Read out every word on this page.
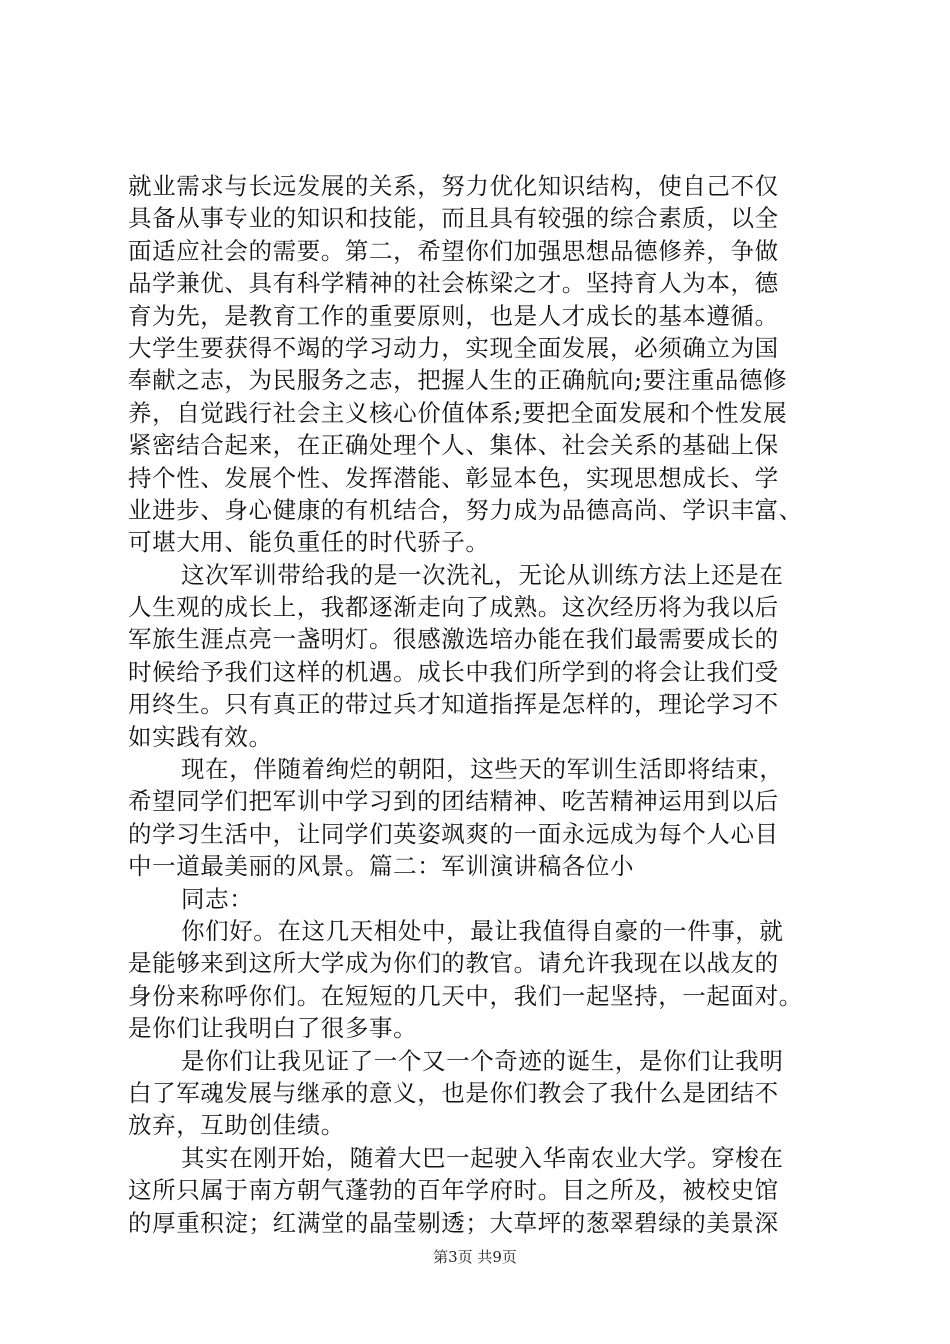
就业需求与长远发展的关系，努力优化知识结构，使自己不仅
具备从事专业的知识和技能，而且具有较强的综合素质，以全
面适应社会的需要。第二，希望你们加强思想品德修养，争做
品学兼优、具有科学精神的社会栋梁之才。坚持育人为本，德
育为先，是教育工作的重要原则，也是人才成长的基本遵循。
大学生要获得不竭的学习动力，实现全面发展，必须确立为国
奉献之志，为民服务之志，把握人生的正确航向;要注重品德修
养，自觉践行社会主义核心价值体系;要把全面发展和个性发展
紧密结合起来，在正确处理个人、集体、社会关系的基础上保
持个性、发展个性、发挥潜能、彰显本色，实现思想成长、学
业进步、身心健康的有机结合，努力成为品德高尚、学识丰富、
可堪大用、能负重任的时代骄子。
这次军训带给我的是一次洗礼，无论从训练方法上还是在
人生观的成长上，我都逐渐走向了成熟。这次经历将为我以后
军旅生涯点亮一盏明灯。很感激选培办能在我们最需要成长的
时候给予我们这样的机遇。成长中我们所学到的将会让我们受
用终生。只有真正的带过兵才知道指挥是怎样的，理论学习不
如实践有效。
现在，伴随着绚烂的朝阳，这些天的军训生活即将结束，
希望同学们把军训中学习到的团结精神、吃苦精神运用到以后
的学习生活中，让同学们英姿飒爽的一面永远成为每个人心目
中一道最美丽的风景。篇二：军训演讲稿各位小
同志：
你们好。在这几天相处中，最让我值得自豪的一件事，就
是能够来到这所大学成为你们的教官。请允许我现在以战友的
身份来称呼你们。在短短的几天中，我们一起坚持，一起面对。
是你们让我明白了很多事。
是你们让我见证了一个又一个奇迹的诞生，是你们让我明
白了军魂发展与继承的意义，也是你们教会了我什么是团结不
放弃，互助创佳绩。
其实在刚开始，随着大巴一起驶入华南农业大学。穿梭在
这所只属于南方朝气蓬勃的百年学府时。目之所及，被校史馆
的厚重积淀；红满堂的晶莹剔透；大草坪的葱翠碧绿的美景深
第3页 共9页
